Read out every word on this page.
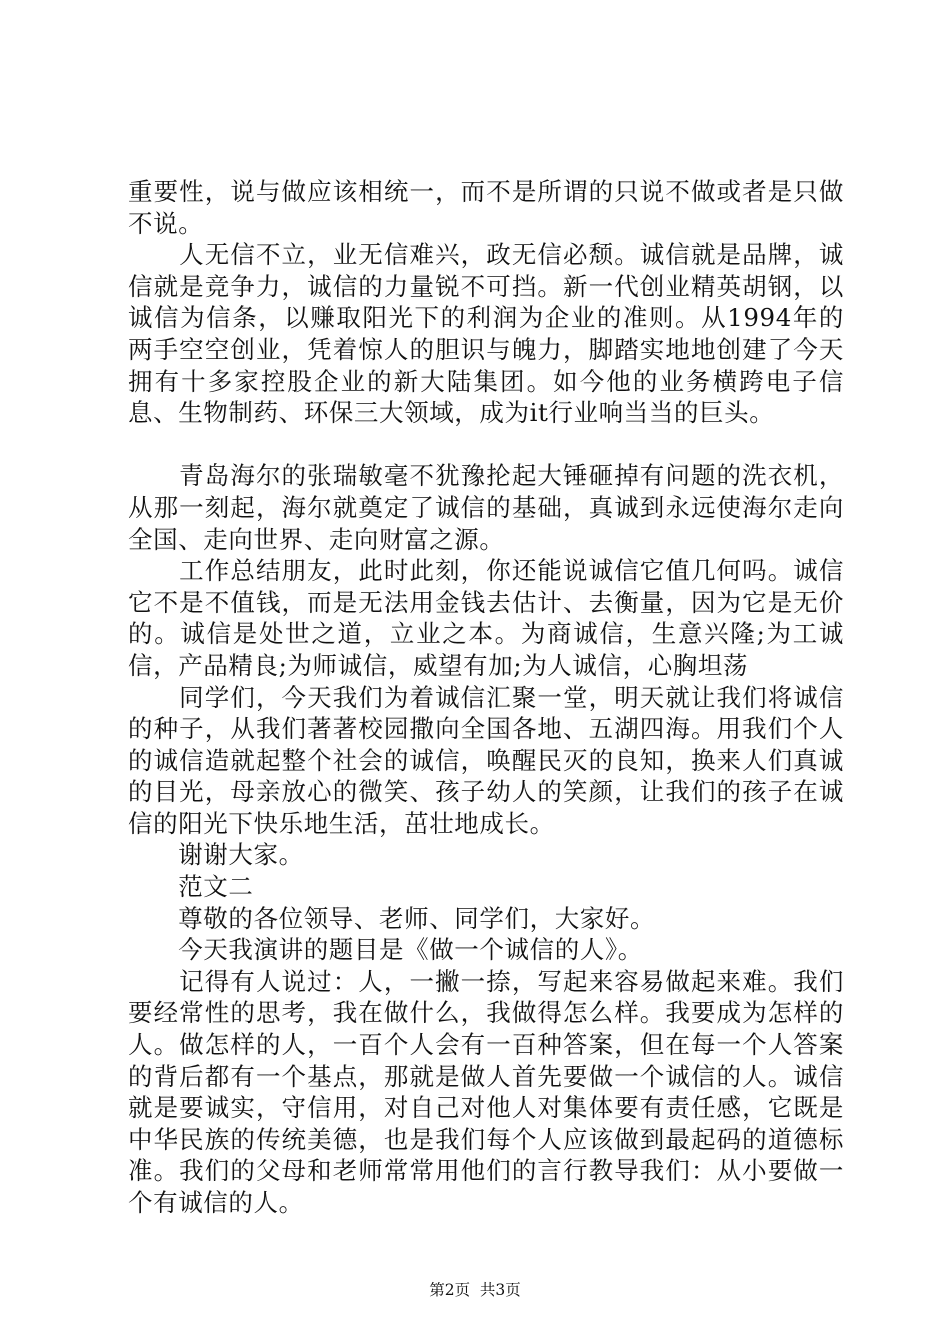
重要性，说与做应该相统一，而不是所谓的只说不做或者是只做不说。

　　人无信不立，业无信难兴，政无信必颓。诚信就是品牌，诚信就是竞争力，诚信的力量锐不可挡。新一代创业精英胡钢，以诚信为信条，以赚取阳光下的利润为企业的准则。从1994年的两手空空创业，凭着惊人的胆识与魄力，脚踏实地地创建了今天拥有十多家控股企业的新大陆集团。如今他的业务横跨电子信息、生物制药、环保三大领域，成为it行业响当当的巨头。

　　青岛海尔的张瑞敏毫不犹豫抡起大锤砸掉有问题的洗衣机，从那一刻起，海尔就奠定了诚信的基础，真诚到永远使海尔走向全国、走向世界、走向财富之源。

　　工作总结朋友，此时此刻，你还能说诚信它值几何吗。诚信它不是不值钱，而是无法用金钱去估计、去衡量，因为它是无价的。诚信是处世之道，立业之本。为商诚信，生意兴隆;为工诚信，产品精良;为师诚信，威望有加;为人诚信，心胸坦荡

　　同学们，今天我们为着诚信汇聚一堂，明天就让我们将诚信的种子，从我们著著校园撒向全国各地、五湖四海。用我们个人的诚信造就起整个社会的诚信，唤醒民灭的良知，换来人们真诚的目光，母亲放心的微笑、孩子幼人的笑颜，让我们的孩子在诚信的阳光下快乐地生活，茁壮地成长。

　　谢谢大家。

　　范文二

　　尊敬的各位领导、老师、同学们，大家好。

　　今天我演讲的题目是《做一个诚信的人》。

　　记得有人说过：人，一撇一捺，写起来容易做起来难。我们要经常性的思考，我在做什么，我做得怎么样。我要成为怎样的人。做怎样的人，一百个人会有一百种答案，但在每一个人答案的背后都有一个基点，那就是做人首先要做一个诚信的人。诚信就是要诚实，守信用，对自己对他人对集体要有责任感，它既是中华民族的传统美德，也是我们每个人应该做到最起码的道德标准。我们的父母和老师常常用他们的言行教导我们：从小要做一个有诚信的人。

第2页  共3页
